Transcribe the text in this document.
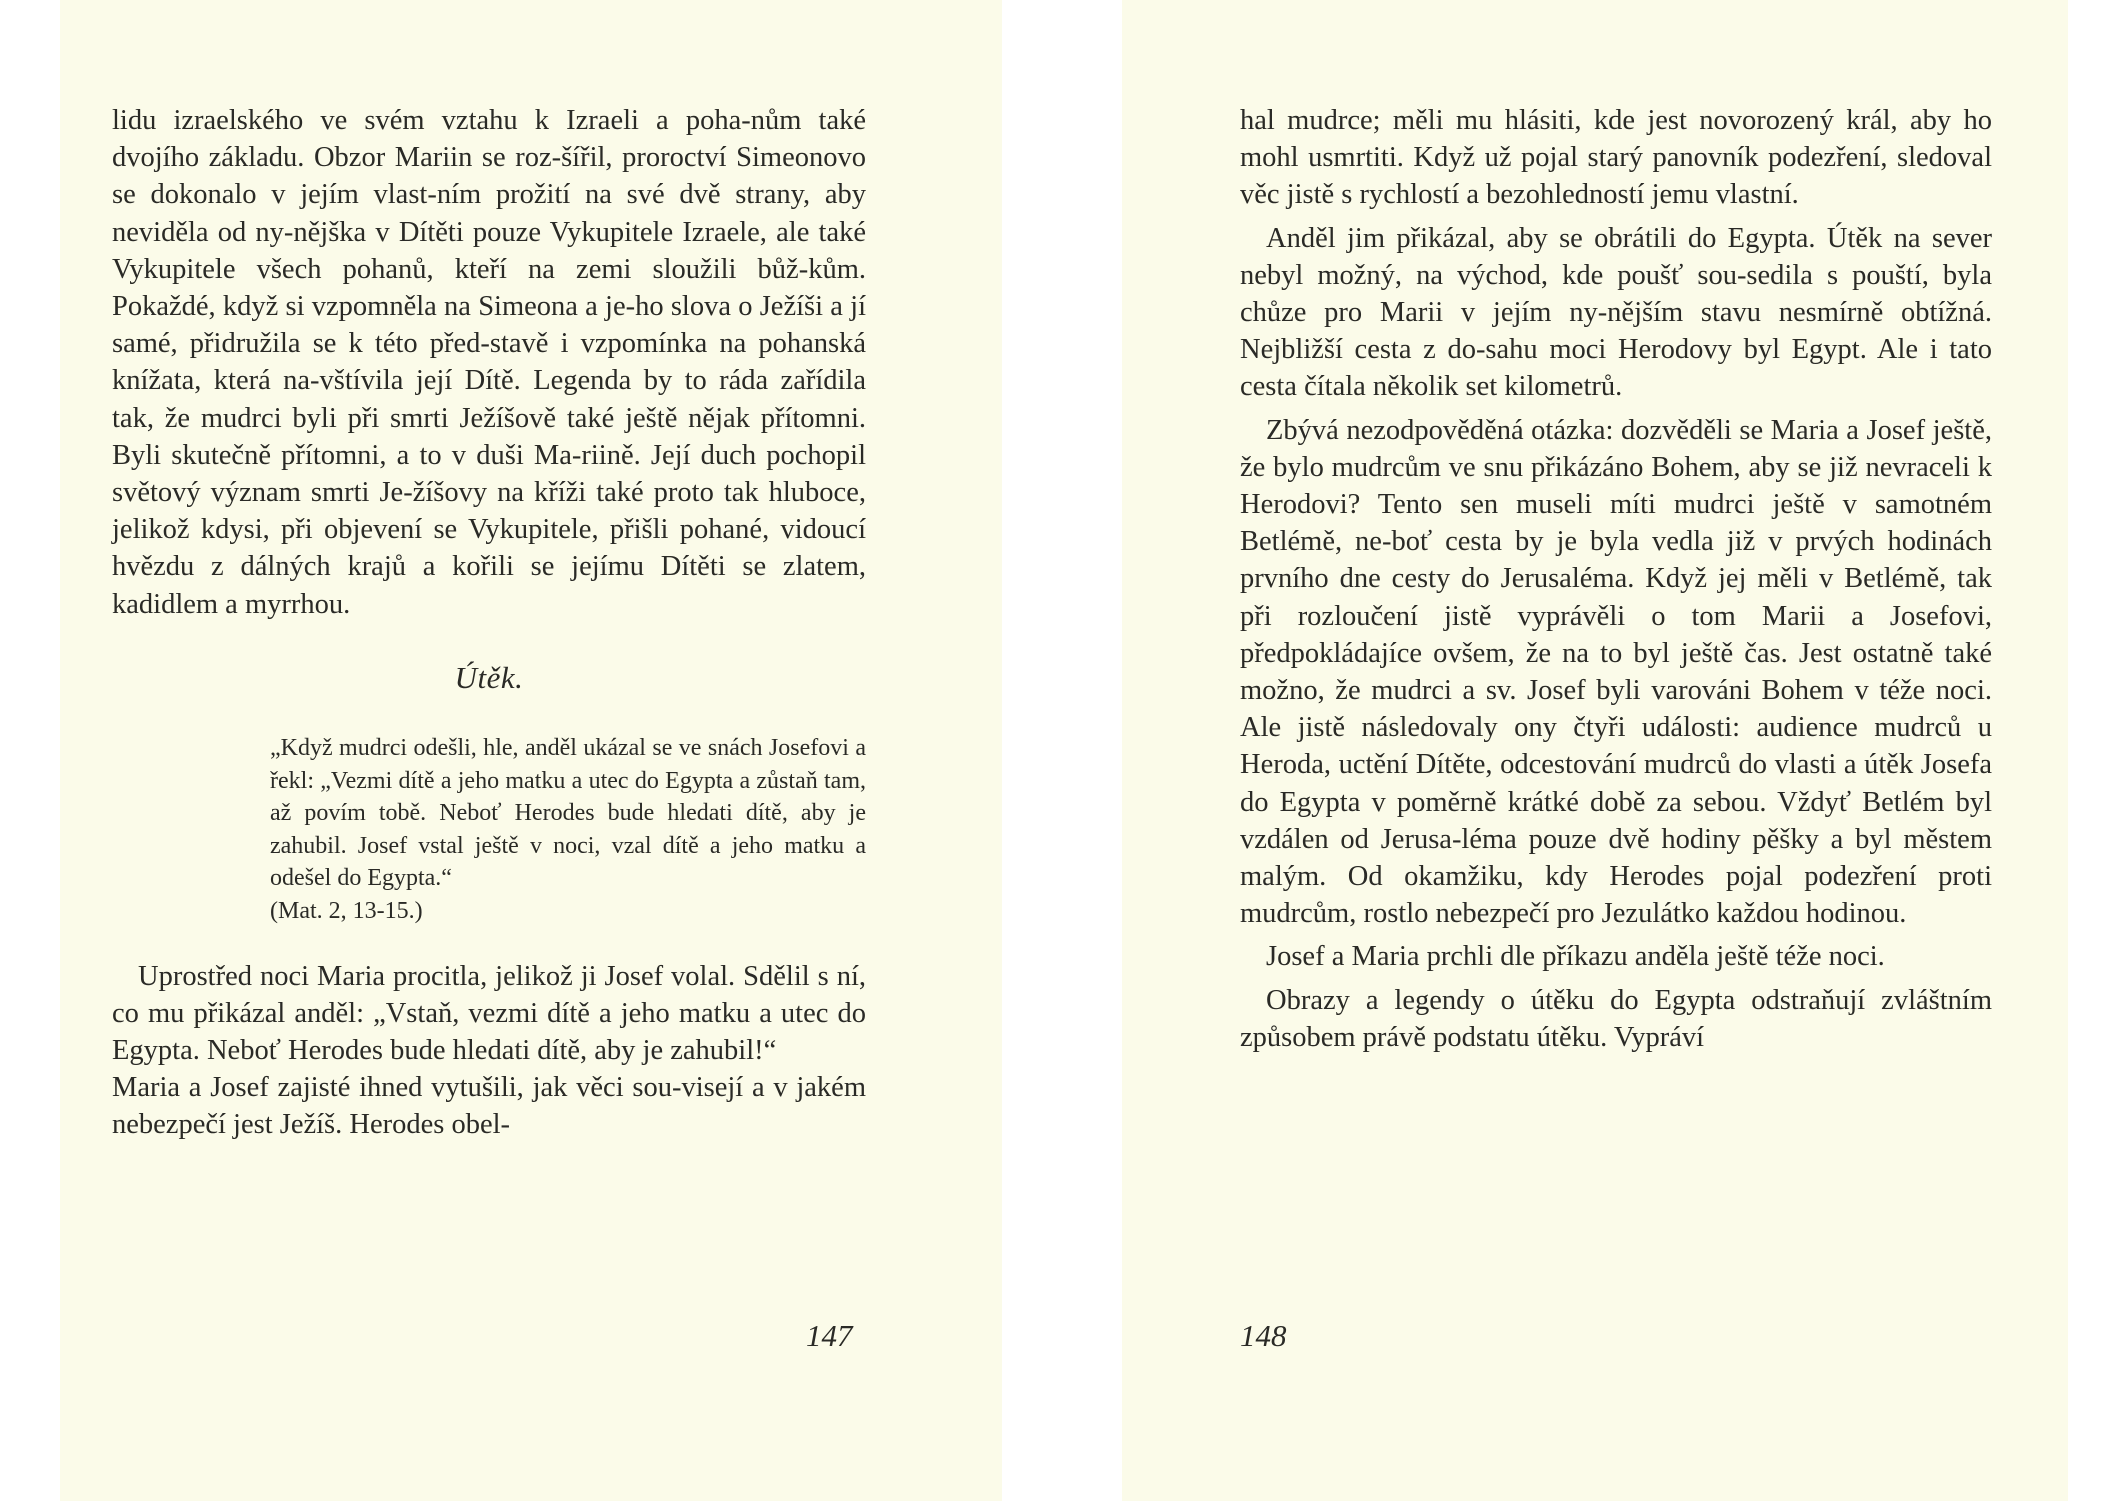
lidu izraelského ve svém vztahu k Izraeli a poha-nům také dvojího základu. Obzor Mariin se roz-šířil, proroctví Simeonovo se dokonalo v jejím vlast-ním prožití na své dvě strany, aby neviděla od ny-nějška v Dítěti pouze Vykupitele Izraele, ale také Vykupitele všech pohanů, kteří na zemi sloužili bůž-kům. Pokaždé, když si vzpomněla na Simeona a je-ho slova o Ježíši a jí samé, přidružila se k této před-stavě i vzpomínka na pohanská knížata, která na-vštívila její Dítě. Legenda by to ráda zařídila tak, že mudrci byli při smrti Ježíšově také ještě nějak přítomni. Byli skutečně přítomni, a to v duši Ma-riině. Její duch pochopil světový význam smrti Je-žíšovy na kříži také proto tak hluboce, jelikož kdysi, při objevení se Vykupitele, přišli pohané, vidoucí hvězdu z dálných krajů a kořili se jejímu Dítěti se zlatem, kadidlem a myrrhou.

Útěk.

„Když mudrci odešli, hle, anděl ukázal se ve snách Josefovi a řekl: „Vezmi dítě a jeho matku a utec do Egypta a zůstaň tam, až povím tobě. Neboť Herodes bude hledati dítě, aby je zahubil. Josef vstal ještě v noci, vzal dítě a jeho matku a odešel do Egypta.“

(Mat. 2, 13-15.)

Uprostřed noci Maria procitla, jelikož ji Josef volal. Sdělil s ní, co mu přikázal anděl: „Vstaň, vezmi dítě a jeho matku a utec do Egypta. Neboť Herodes bude hledati dítě, aby je zahubil!“

Maria a Josef zajisté ihned vytušili, jak věci sou-visejí a v jakém nebezpečí jest Ježíš. Herodes obel-

147

hal mudrce; měli mu hlásiti, kde jest novorozený král, aby ho mohl usmrtiti. Když už pojal starý panovník podezření, sledoval věc jistě s rychlostí a bezohledností jemu vlastní.

Anděl jim přikázal, aby se obrátili do Egypta. Útěk na sever nebyl možný, na východ, kde poušť sou-sedila s pouští, byla chůze pro Marii v jejím ny-nějším stavu nesmírně obtížná. Nejbližší cesta z do-sahu moci Herodovy byl Egypt. Ale i tato cesta čítala několik set kilometrů.

Zbývá nezodpověděná otázka: dozvěděli se Maria a Josef ještě, že bylo mudrcům ve snu přikázáno Bohem, aby se již nevraceli k Herodovi? Tento sen museli míti mudrci ještě v samotném Betlémě, ne-boť cesta by je byla vedla již v prvých hodinách prvního dne cesty do Jerusaléma. Když jej měli v Betlémě, tak při rozloučení jistě vyprávěli o tom Marii a Josefovi, předpokládajíce ovšem, že na to byl ještě čas. Jest ostatně také možno, že mudrci a sv. Josef byli varováni Bohem v téže noci. Ale jistě následovaly ony čtyři události: audience mudrců u Heroda, uctění Dítěte, odcestování mudrců do vlasti a útěk Josefa do Egypta v poměrně krátké době za sebou. Vždyť Betlém byl vzdálen od Jerusa-léma pouze dvě hodiny pěšky a byl městem malým. Od okamžiku, kdy Herodes pojal podezření proti mudrcům, rostlo nebezpečí pro Jezulátko každou hodinou.

Josef a Maria prchli dle příkazu anděla ještě téže noci.

Obrazy a legendy o útěku do Egypta odstraňují zvláštním způsobem právě podstatu útěku. Vypráví

148
